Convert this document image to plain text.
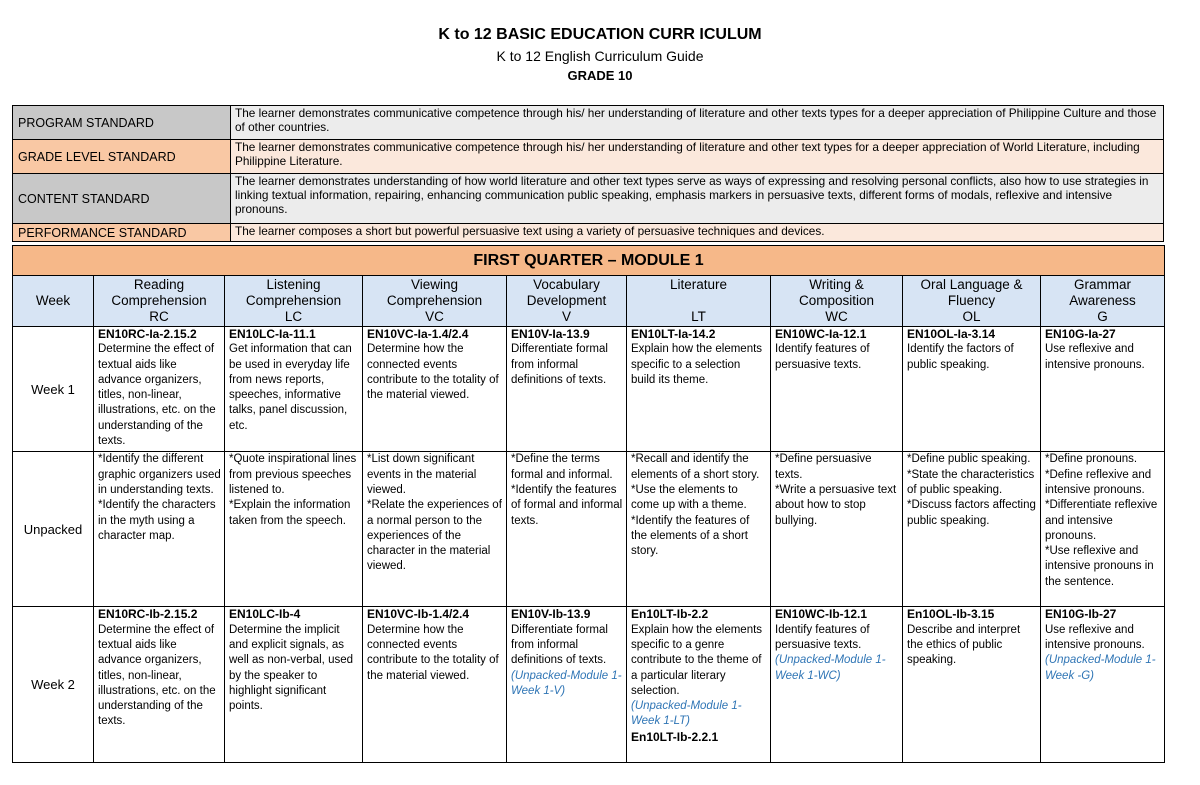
K to 12 BASIC EDUCATION CURR ICULUM
K to 12 English Curriculum Guide
GRADE 10
PROGRAM STANDARD	The learner demonstrates communicative competence through his/ her understanding of literature and other texts types for a deeper appreciation of Philippine Culture and those of other countries.
GRADE LEVEL STANDARD	The learner demonstrates communicative competence through his/ her understanding of literature and other text types for a deeper appreciation of World Literature, including Philippine Literature.
CONTENT STANDARD	The learner demonstrates understanding of how world literature and other text types serve as ways of expressing and resolving personal conflicts, also how to use strategies in linking textual information, repairing, enhancing communication public speaking, emphasis markers in persuasive texts, different forms of modals, reflexive and intensive pronouns.
PERFORMANCE STANDARD	The learner composes a short but powerful persuasive text using a variety of persuasive techniques and devices.
FIRST QUARTER – MODULE 1								
Week	Reading
Comprehension
RC	Listening
Comprehension
LC	Viewing
Comprehension
VC	Vocabulary
Development
V	Literature
LT	Writing &
Composition
WC	Oral Language &
Fluency
OL	Grammar
Awareness
G

Week 1	EN10RC-Ia-2.15.2
Determine the effect of textual aids like advance organizers, titles, non-linear, illustrations, etc. on the understanding of the texts.	EN10LC-Ia-11.1
Get information that can be used in everyday life from news reports, speeches, informative talks, panel discussion, etc.	EN10VC-Ia-1.4/2.4
Determine how the connected events contribute to the totality of the material viewed.	EN10V-Ia-13.9
Differentiate formal from informal definitions of texts.	EN10LT-Ia-14.2
Explain how the elements specific to a selection build its theme.	EN10WC-Ia-12.1
Identify features of persuasive texts.	EN10OL-Ia-3.14
Identify the factors of public speaking.	EN10G-Ia-27
Use reflexive and intensive pronouns.
Unpacked	*Identify the different graphic organizers used in understanding texts.
*Identify the characters in the myth using a character map.	*Quote inspirational lines from previous speeches listened to.
*Explain the information taken from the speech.	*List down significant events in the material viewed.
*Relate the experiences of a normal person to the experiences of the character in the material viewed.	*Define the terms formal and informal.
*Identify the features of formal and informal texts.	*Recall and identify the elements of a short story.
*Use the elements to come up with a theme.
*Identify the features of the elements of a short story.	*Define persuasive texts.
*Write a persuasive text about how to stop bullying.	*Define public speaking.
*State the characteristics of public speaking.
*Discuss factors affecting public speaking.	*Define pronouns.
*Define reflexive and intensive pronouns.
*Differentiate reflexive and intensive pronouns.
*Use reflexive and intensive pronouns in the sentence.

Week 2	EN10RC-Ib-2.15.2
Determine the effect of textual aids like advance organizers, titles, non-linear, illustrations, etc. on the understanding of the texts.	EN10LC-Ib-4
Determine the implicit and explicit signals, as well as non-verbal, used by the speaker to highlight significant points.	EN10VC-Ib-1.4/2.4
Determine how the connected events contribute to the totality of the material viewed.	EN10V-Ib-13.9
Differentiate formal from informal definitions of texts.
(Unpacked-Module 1-Week 1-V)	En10LT-Ib-2.2
Explain how the elements specific to a genre contribute to the theme of a particular literary selection.
(Unpacked-Module 1-Week 1-LT)
En10LT-Ib-2.2.1	EN10WC-Ib-12.1
Identify features of persuasive texts.
(Unpacked-Module 1-Week 1-WC)	En10OL-Ib-3.15
Describe and interpret the ethics of public speaking.	EN10G-Ib-27
Use reflexive and intensive pronouns.
(Unpacked-Module 1-Week -G)
